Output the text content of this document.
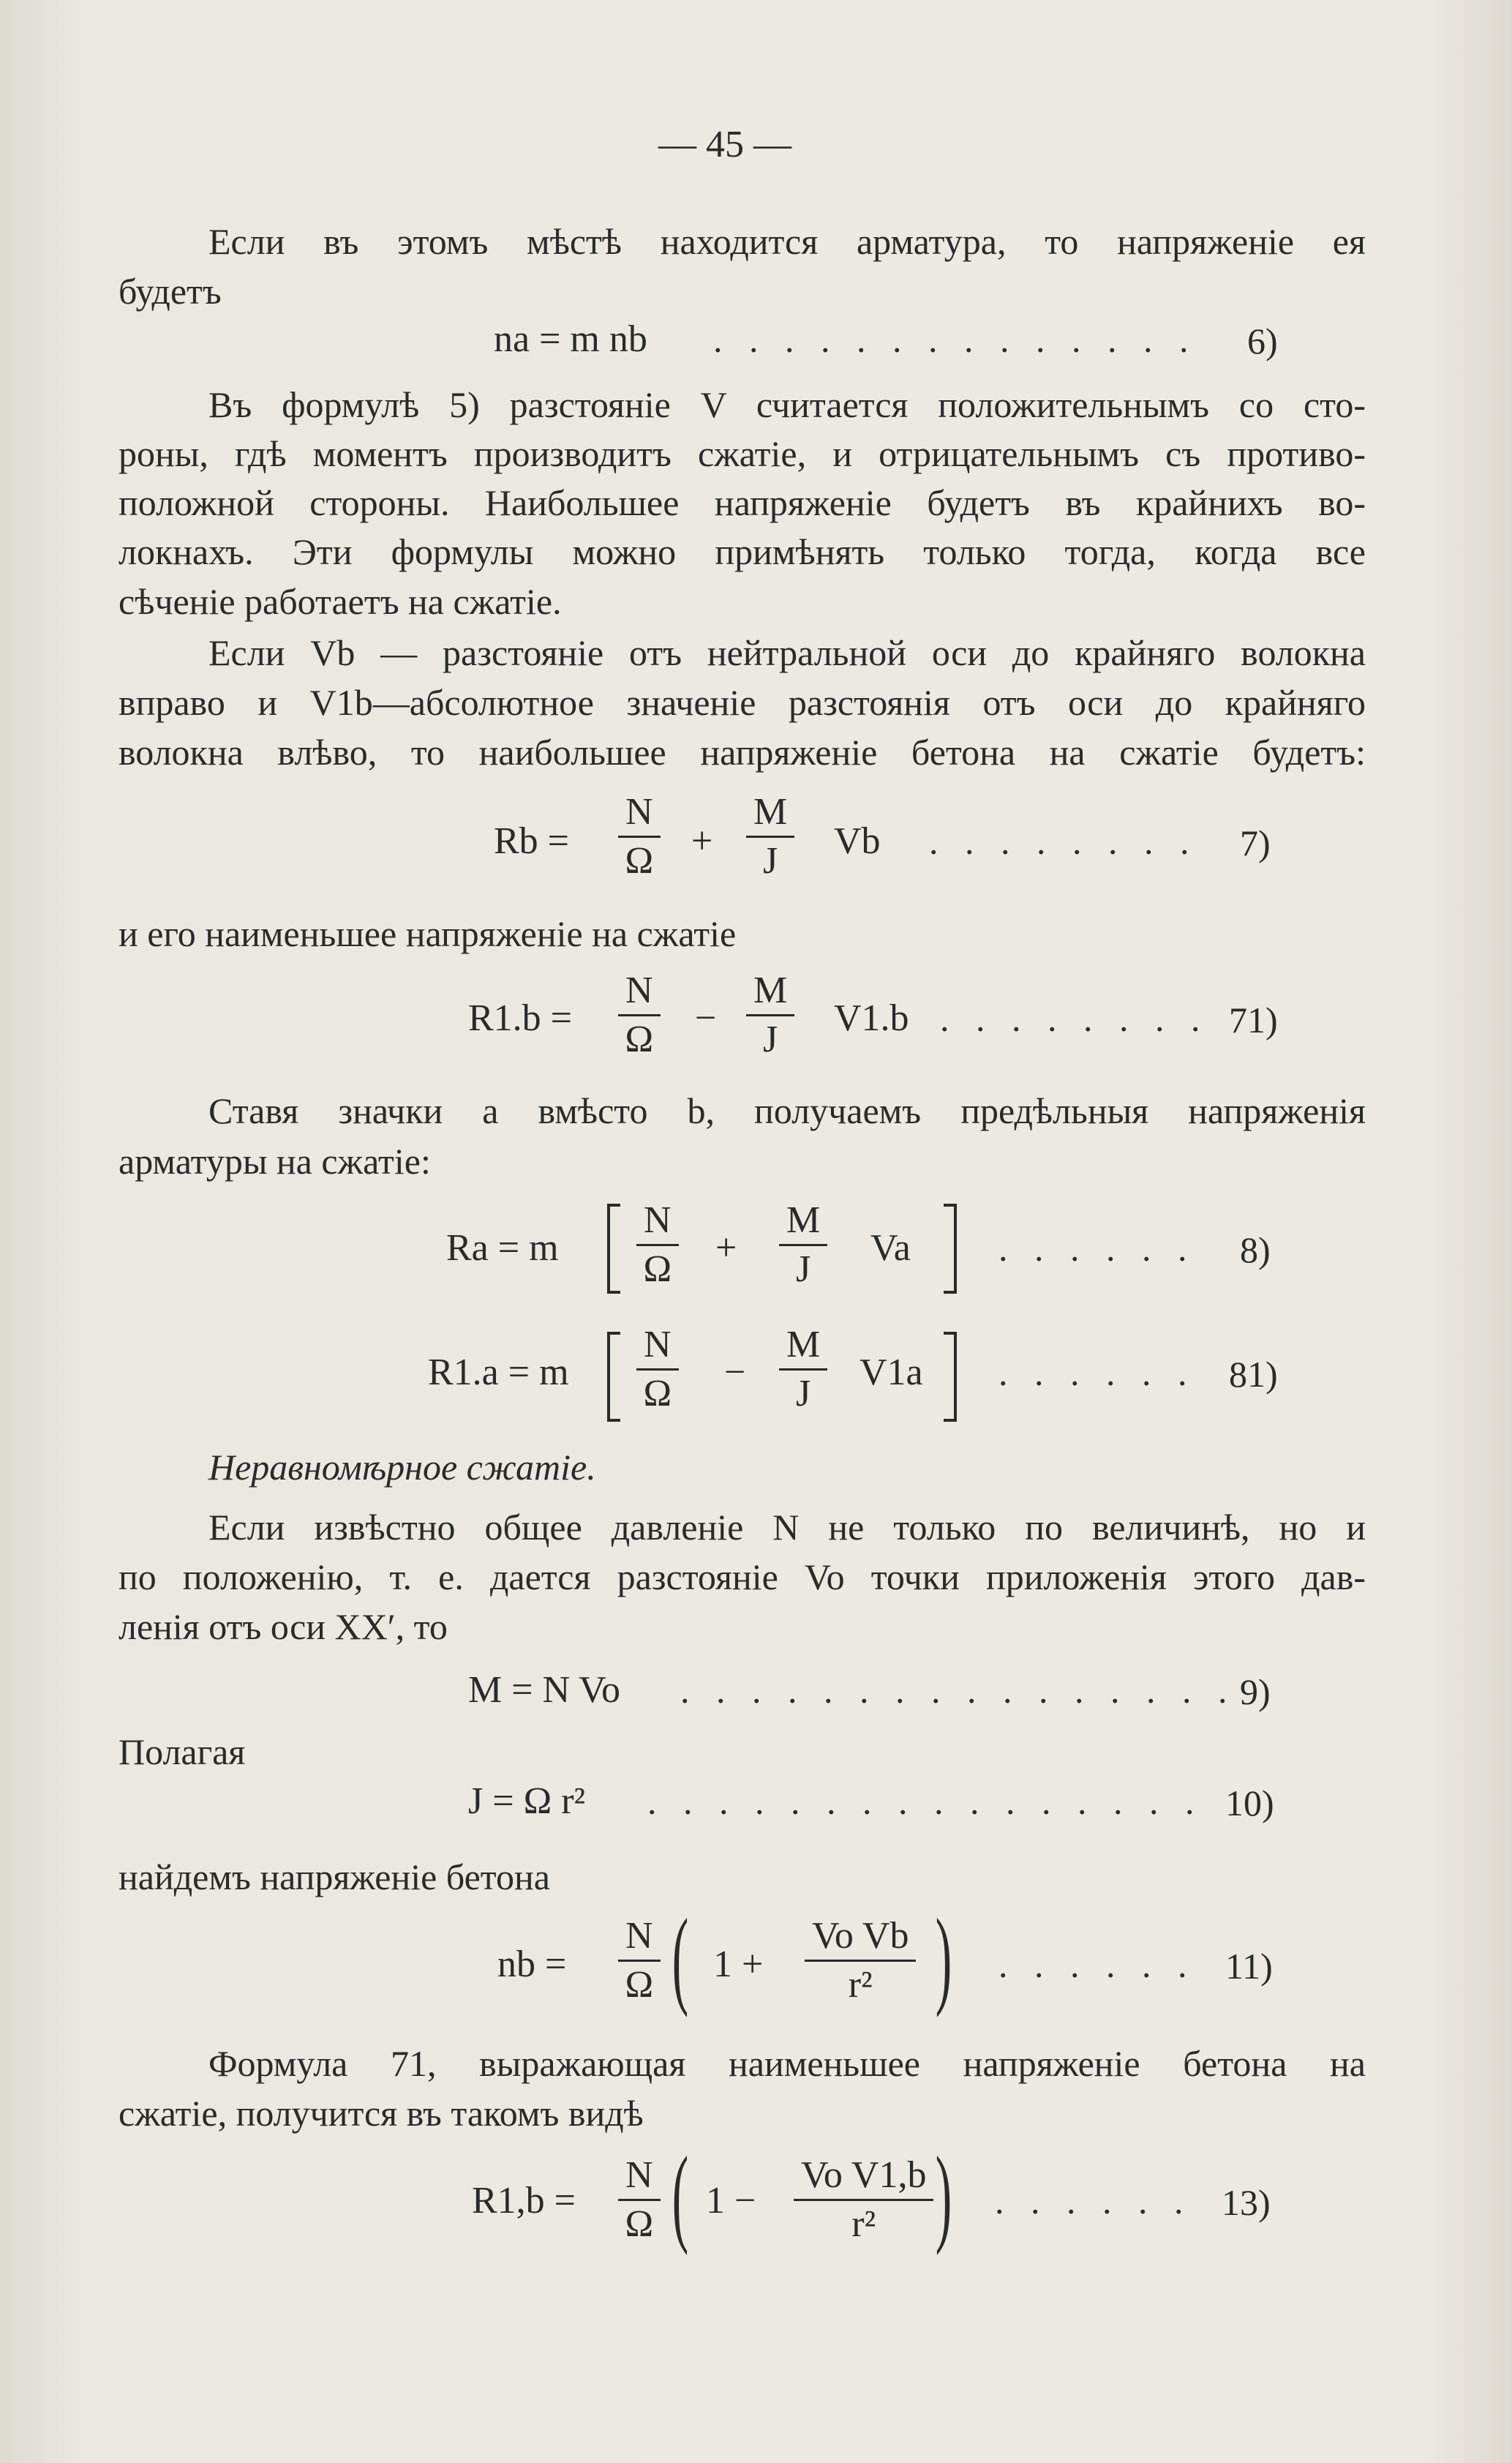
— 45 —
Если въ этомъ мѣстѣ находится арматура, то напряженіе ея
будетъ
na = m nb . . . . . . . . . . . . . . 6)
Въ формулѣ 5) разстояніе V считается положительнымъ со сто-
роны, гдѣ моментъ производитъ сжатіе, и отрицательнымъ съ противо-
положной стороны. Наибольшее напряженіе будетъ въ крайнихъ во-
локнахъ. Эти формулы можно примѣнять только тогда, когда все
сѣченіе работаетъ на сжатіе.
Если Vb — разстояніе отъ нейтральной оси до крайняго волокна
вправо и V1b—абсолютное значеніе разстоянія отъ оси до крайняго
волокна влѣво, то наибольшее напряженіе бетона на сжатіе будетъ:
$Rb = \frac{N}{\Omega} + \frac{M}{J}$ Vb . . . . . . . . 7)
и его наименьшее напряженіе на сжатіе
$R1.b = \frac{N}{\Omega} - \frac{M}{J} V1.b$ . . . . . . . . 71)
Ставя значки a вмѣсто b, получаемъ предѣльныя напряженія
арматуры на сжатіе:
Ra = m $\frac{N}{\Omega} + \frac{M}{J}$ Va . . . . . . 8)
R1.a = m $\frac{N}{\Omega} - \frac{M}{J} V1a$ . . . . . . 81)
Неравномѣрное сжатіе.
Если извѣстно общее давленіе N не только по величинѣ, но и
по положенію, т. е. дается разстояніе Vo точки приложенія этого дав-
ленія отъ оси XX′, то
M = N Vo . . . . . . . . . . . . . . . . 9)
Полагая
J = Ω r² . . . . . . . . . . . . . . . . 10)
найдемъ напряженіе бетона
nb = $\frac{N}{\Omega}$ ( $1 + \frac{\text{Vo Vb}}{\text{r²}}$ ) . . . . . . 11)
Формула 71, выражающая наименьшее напряженіе бетона на
сжатіе, получится въ такомъ видѣ
$R1,b = \frac{N}{\Omega}$ ( $1 - \frac{\text{Vo V1,b}}{\text{r²}}$ ) . . . . . . 13)
